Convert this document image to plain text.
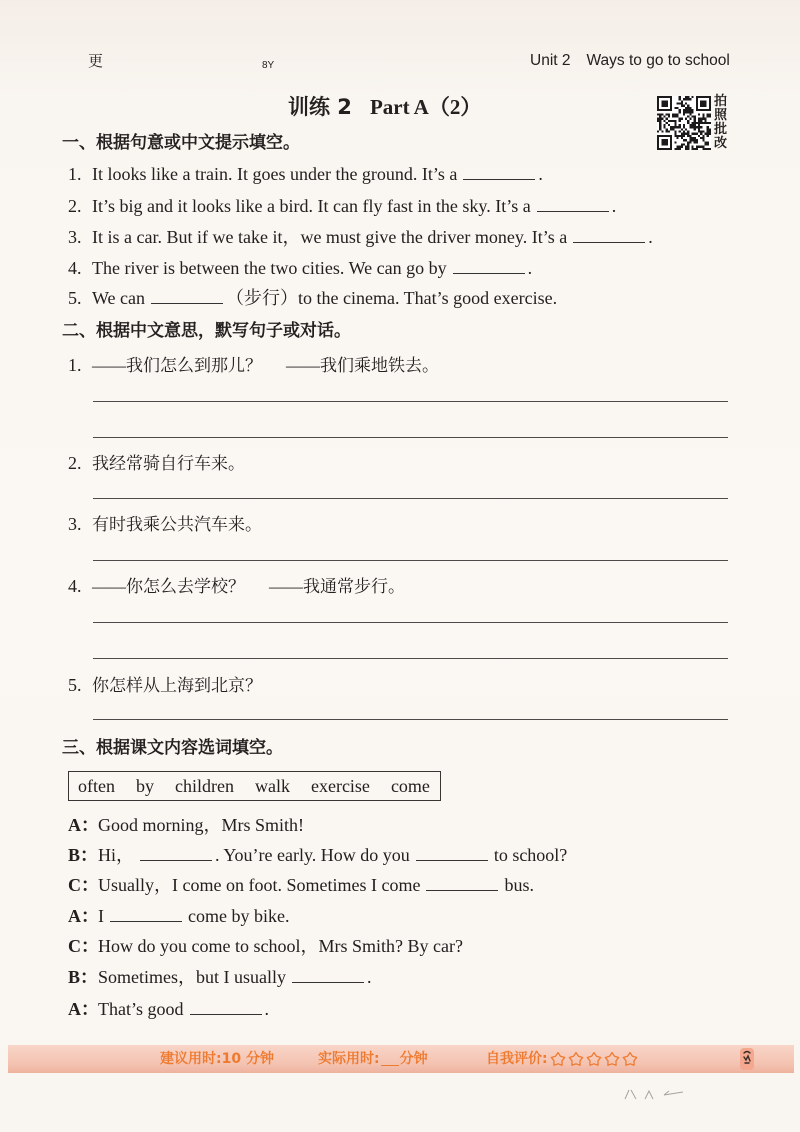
更	8Y	Unit 2 Ways to go to school
训练 2 Part A（2）	拍照批改
一、根据句意或中文提示填空。
1. It looks like a train. It goes under the ground. It’s a	.
2. It’s big and it looks like a bird. It can fly fast in the sky. It’s a	.
3. It is a car. But if we take it，we must give the driver money. It’s a	.
4. The river is between the two cities. We can go by	.
5. We can	（步行）to the cinema. That’s good exercise.
二、根据中文意思，默写句子或对话。
1. ——我们怎么到那儿？ ——我们乘地铁去。
2. 我经常骑自行车来。
3. 有时我乘公共汽车来。
4. ——你怎么去学校？ ——我通常步行。
5. 你怎样从上海到北京？
三、根据课文内容选词填空。
often by children walk exercise come
A：Good morning，Mrs Smith!
B：Hi，	. You’re early. How do you	to school?
C：Usually，I come on foot. Sometimes I come	bus.
A：I	come by bike.
C：How do you come to school，Mrs Smith? By car?
B：Sometimes，but I usually	.
A：That’s good	.
建议用时:10 分钟	实际用时: 分钟	自我评价:
